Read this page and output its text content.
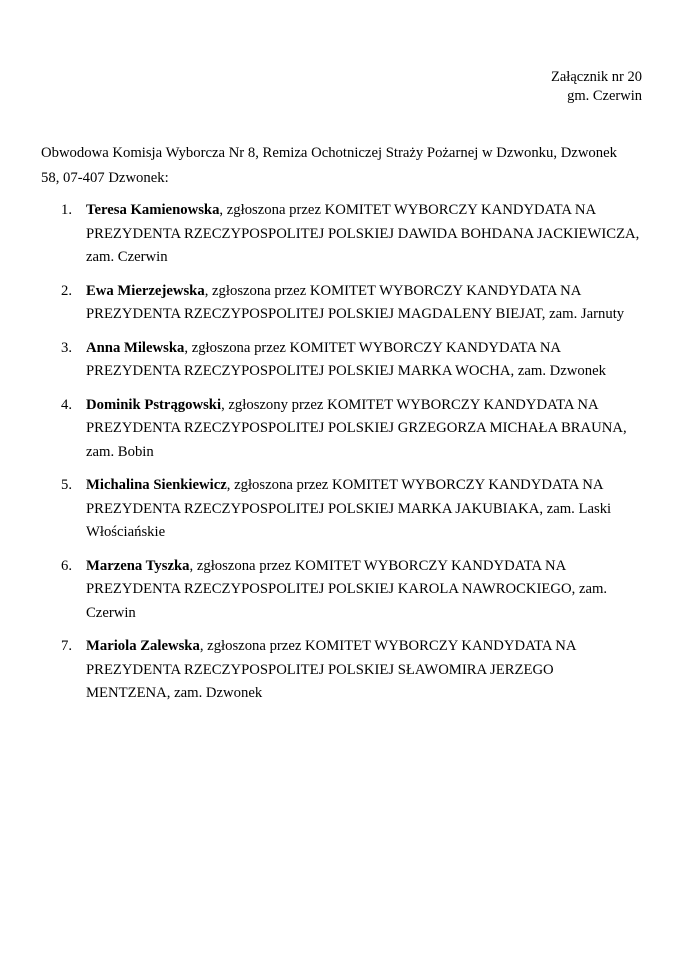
Załącznik nr 20
gm. Czerwin

Obwodowa Komisja Wyborcza Nr 8, Remiza Ochotniczej Straży Pożarnej w Dzwonku, Dzwonek 58, 07-407 Dzwonek:

1. Teresa Kamienowska, zgłoszona przez KOMITET WYBORCZY KANDYDATA NA PREZYDENTA RZECZYPOSPOLITEJ POLSKIEJ DAWIDA BOHDANA JACKIEWICZA, zam. Czerwin
2. Ewa Mierzejewska, zgłoszona przez KOMITET WYBORCZY KANDYDATA NA PREZYDENTA RZECZYPOSPOLITEJ POLSKIEJ MAGDALENY BIEJAT, zam. Jarnuty
3. Anna Milewska, zgłoszona przez KOMITET WYBORCZY KANDYDATA NA PREZYDENTA RZECZYPOSPOLITEJ POLSKIEJ MARKA WOCHA, zam. Dzwonek
4. Dominik Pstrągowski, zgłoszony przez KOMITET WYBORCZY KANDYDATA NA PREZYDENTA RZECZYPOSPOLITEJ POLSKIEJ GRZEGORZA MICHAŁA BRAUNA, zam. Bobin
5. Michalina Sienkiewicz, zgłoszona przez KOMITET WYBORCZY KANDYDATA NA PREZYDENTA RZECZYPOSPOLITEJ POLSKIEJ MARKA JAKUBIAKA, zam. Laski Włościańskie
6. Marzena Tyszka, zgłoszona przez KOMITET WYBORCZY KANDYDATA NA PREZYDENTA RZECZYPOSPOLITEJ POLSKIEJ KAROLA NAWROCKIEGO, zam. Czerwin
7. Mariola Zalewska, zgłoszona przez KOMITET WYBORCZY KANDYDATA NA PREZYDENTA RZECZYPOSPOLITEJ POLSKIEJ SŁAWOMIRA JERZEGO MENTZENA, zam. Dzwonek
